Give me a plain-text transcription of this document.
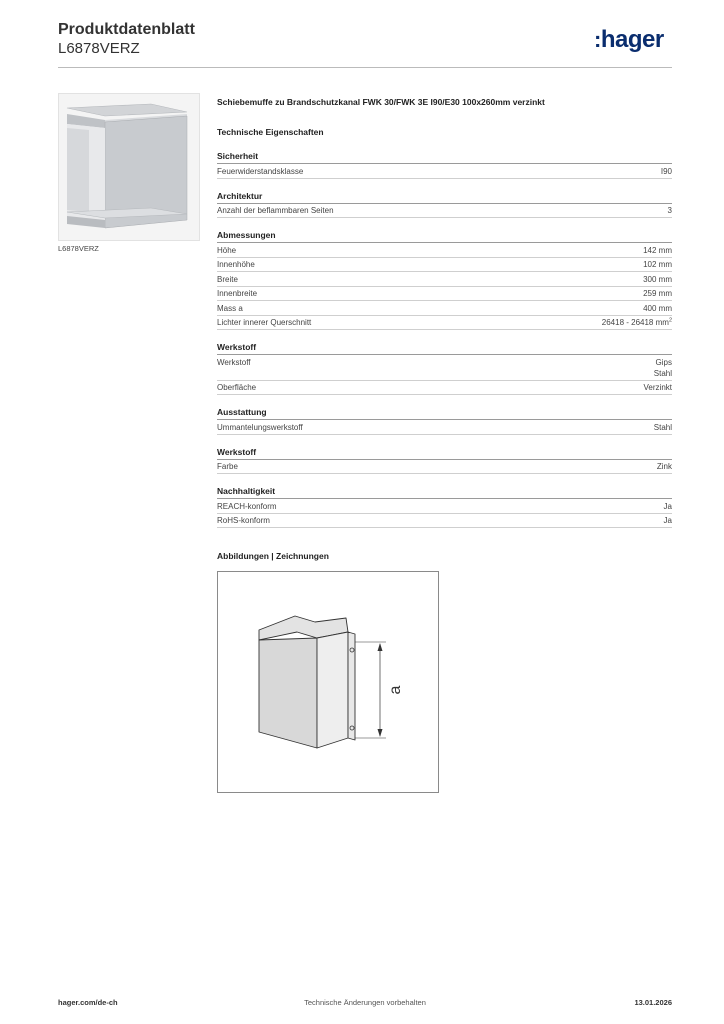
Produktdatenblatt
L6878VERZ	:hager
L6878VERZ
Schiebemuffe zu Brandschutzkanal FWK 30/FWK 3E I90/E30 100x260mm verzinkt
Technische Eigenschaften
Sicherheit
Feuerwiderstandsklasse	I90
Architektur
Anzahl der beflammbaren Seiten	3
Abmessungen
Höhe	142 mm
Innenhöhe	102 mm
Breite	300 mm
Innenbreite	259 mm
Mass a	400 mm
Lichter innerer Querschnitt	26418 - 26418 $mm^2$
Werkstoff
Werkstoff	Gips
Stahl
Oberfläche	Verzinkt
Ausstattung
Ummantelungswerkstoff	Stahl
Werkstoff
Farbe	Zink
Nachhaltigkeit
REACH-konform	Ja
RoHS-konform	Ja
Abbildungen | Zeichnungen
a
hager.com/de-ch	Technische Änderungen vorbehalten	13.01.2026
